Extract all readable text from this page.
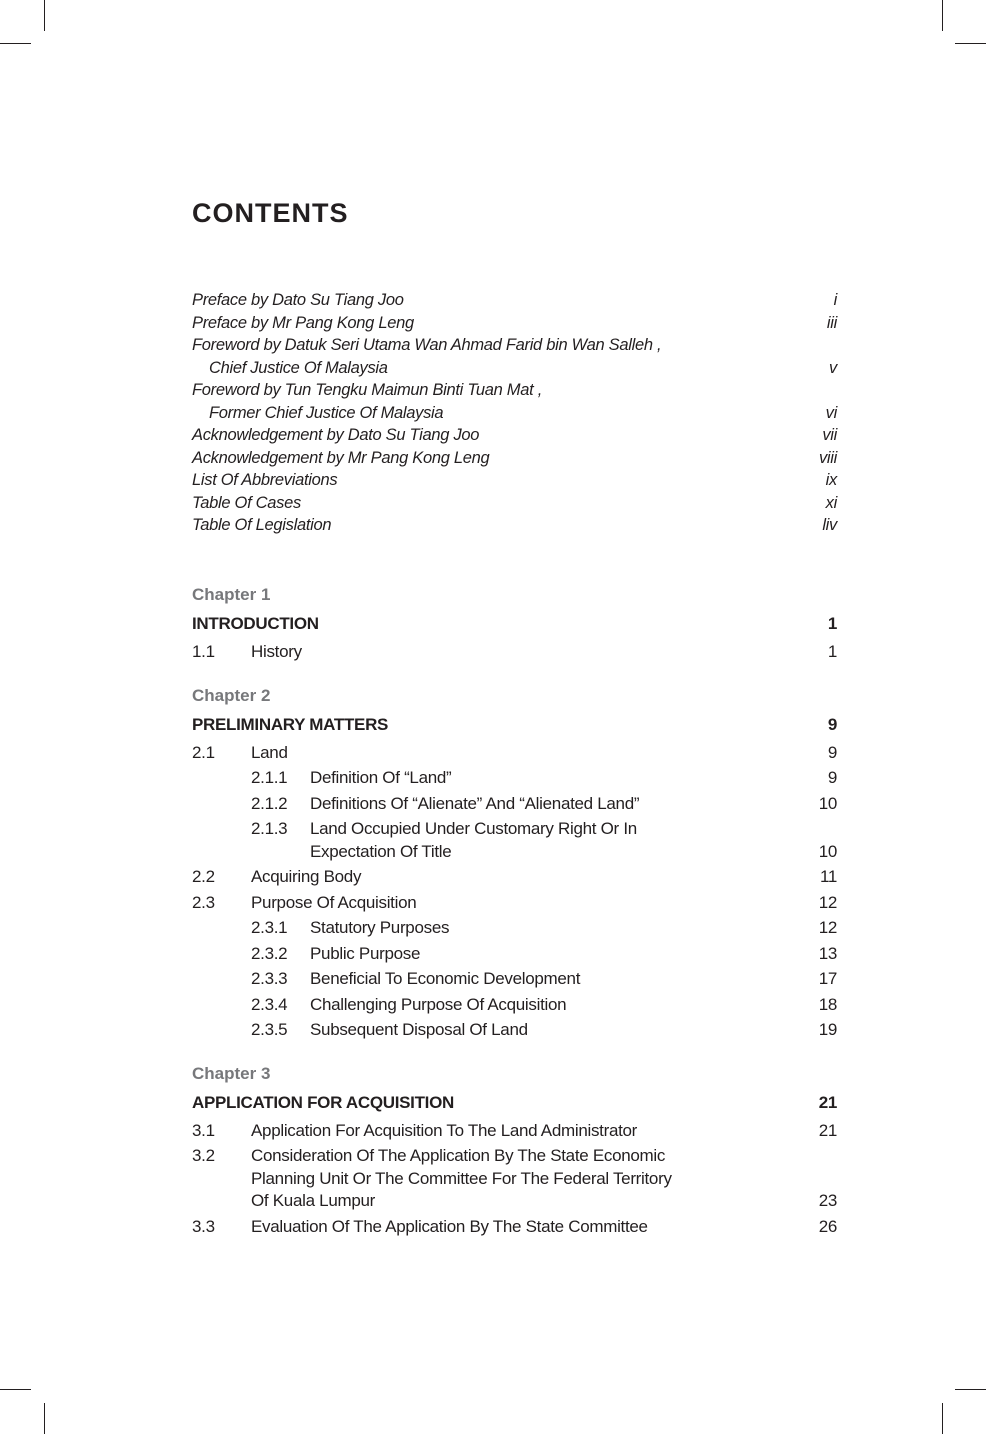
CONTENTS
Preface by Dato Su Tiang Joo	i
Preface by Mr Pang Kong Leng	iii
Foreword by Datuk Seri Utama Wan Ahmad Farid bin Wan Salleh ,
Chief Justice Of Malaysia	v
Foreword by Tun Tengku Maimun Binti Tuan Mat ,
Former Chief Justice Of Malaysia	vi
Acknowledgement by Dato Su Tiang Joo	vii
Acknowledgement by Mr Pang Kong Leng	viii
List Of Abbreviations	ix
Table Of Cases	xi
Table Of Legislation	liv
Chapter 1
INTRODUCTION	1
1.1	History	1
Chapter 2
PRELIMINARY MATTERS	9
2.1	Land	9
2.1.1	Definition Of “Land”	9
2.1.2	Definitions Of “Alienate” And “Alienated Land”	10
2.1.3	Land Occupied Under Customary Right Or In
Expectation Of Title	10
2.2	Acquiring Body	11
2.3	Purpose Of Acquisition	12
2.3.1	Statutory Purposes	12
2.3.2	Public Purpose	13
2.3.3	Beneficial To Economic Development	17
2.3.4	Challenging Purpose Of Acquisition	18
2.3.5	Subsequent Disposal Of Land	19
Chapter 3
APPLICATION FOR ACQUISITION	21
3.1	Application For Acquisition To The Land Administrator	21
3.2	Consideration Of The Application By The State Economic
Planning Unit Or The Committee For The Federal Territory
Of Kuala Lumpur	23
3.3	Evaluation Of The Application By The State Committee	26
